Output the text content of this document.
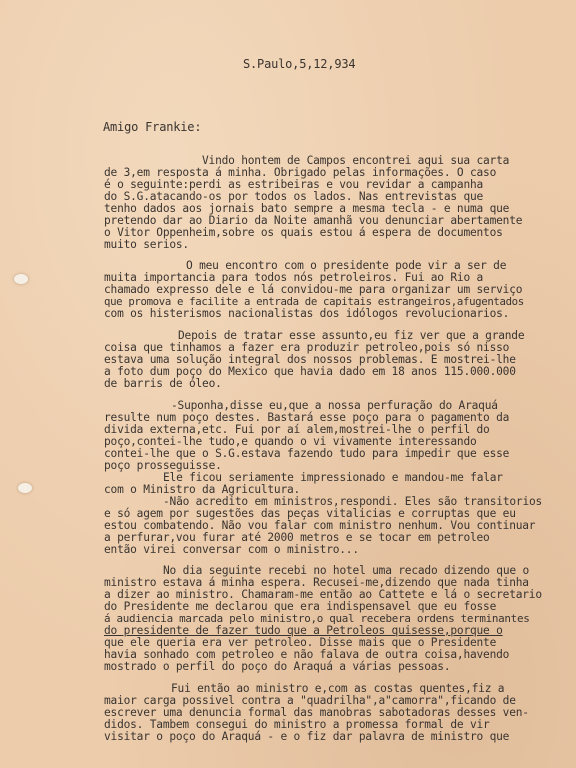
S.Paulo,5,12,934
Amigo Frankie:
Vindo hontem de Campos encontrei aqui sua carta
de 3,em resposta á minha. Obrigado pelas informações. O caso
é o seguinte:perdi as estribeiras e vou revidar a campanha
do S.G.atacando-os por todos os lados. Nas entrevistas que
tenho dados aos jornais bato sempre a mesma tecla - e numa que
pretendo dar ao Diario da Noite amanhã vou denunciar abertamente
o Vitor Oppenheim,sobre os quais estou á espera de documentos
muito serios.
O meu encontro com o presidente pode vir a ser de
muita importancia para todos nós petroleiros. Fui ao Rio a
chamado expresso dele e lá convidou-me para organizar um serviço
que promova e facilite a entrada de capitais estrangeiros,afugentados
com os histerismos nacionalistas dos idólogos revolucionarios.
Depois de tratar esse assunto,eu fiz ver que a grande
coisa que tinhamos a fazer era produzir petroleo,pois só nisso
estava uma solução integral dos nossos problemas. E mostrei-lhe
a foto dum poço do Mexico que havia dado em 18 anos 115.000.000
de barris de óleo.
-Suponha,disse eu,que a nossa perfuração do Araquá
resulte num poço destes. Bastará esse poço para o pagamento da
divida externa,etc. Fui por aí alem,mostrei-lhe o perfil do
poço,contei-lhe tudo,e quando o vi vivamente interessando
contei-lhe que o S.G.estava fazendo tudo para impedir que esse
poço prosseguisse.
Ele ficou seriamente impressionado e mandou-me falar
com o Ministro da Agricultura.
-Não acredito em ministros,respondi. Eles são transitorios
e só agem por sugestões das peças vitalicias e corruptas que eu
estou combatendo. Não vou falar com ministro nenhum. Vou continuar
a perfurar,vou furar até 2000 metros e se tocar em petroleo
então virei conversar com o ministro...
No dia seguinte recebi no hotel uma recado dizendo que o
ministro estava á minha espera. Recusei-me,dizendo que nada tinha
a dizer ao ministro. Chamaram-me então ao Cattete e lá o secretario
do Presidente me declarou que era indispensavel que eu fosse
á audiencia marcada pelo ministro,o qual recebera ordens terminantes
do presidente de fazer tudo que a Petroleos quisesse,porque o
que ele queria era ver petroleo. Disse mais que o Presidente
havia sonhado com petroleo e não falava de outra coisa,havendo
mostrado o perfil do poço do Araquá a várias pessoas.
Fui então ao ministro e,com as costas quentes,fiz a
maior carga possivel contra a "quadrilha",a"camorra",ficando de
escrever uma denuncia formal das manobras sabotadoras desses ven-
didos. Tambem consegui do ministro a promessa formal de vir
visitar o poço do Araquá - e o fiz dar palavra de ministro que
